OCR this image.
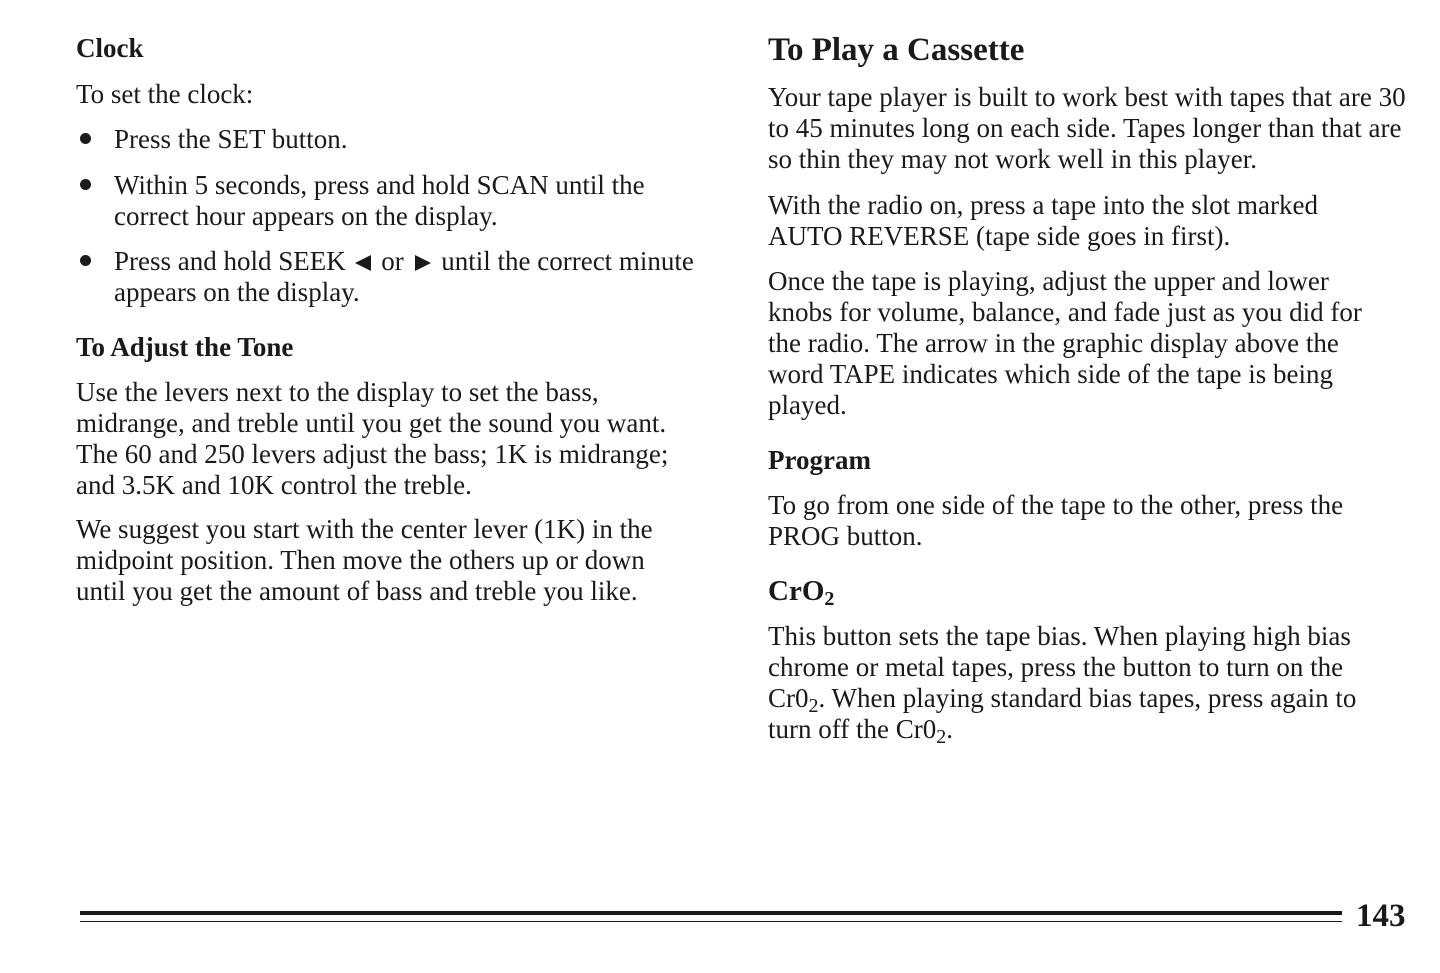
Clock

To set the clock:

Press the SET button.
Within 5 seconds, press and hold SCAN until the correct hour appears on the display.
Press and hold SEEK  or  until the correct minute appears on the display.
To Adjust the Tone

Use the levers next to the display to set the bass, midrange, and treble until you get the sound you want. The 60 and 250 levers adjust the bass; 1K is midrange; and 3.5K and 10K control the treble.

We suggest you start with the center lever (1K) in the midpoint position. Then move the others up or down until you get the amount of bass and treble you like.

To Play a Cassette

Your tape player is built to work best with tapes that are 30 to 45 minutes long on each side. Tapes longer than that are so thin they may not work well in this player.

With the radio on, press a tape into the slot marked AUTO REVERSE (tape side goes in first).

Once the tape is playing, adjust the upper and lower knobs for volume, balance, and fade just as you did for the radio. The arrow in the graphic display above the word TAPE indicates which side of the tape is being played.

Program

To go from one side of the tape to the other, press the PROG button.

CrO$_2$

This button sets the tape bias. When playing high bias chrome or metal tapes, press the button to turn on the $Cr0_2$. When playing standard bias tapes, press again to turn off the $Cr0_2$.

143
